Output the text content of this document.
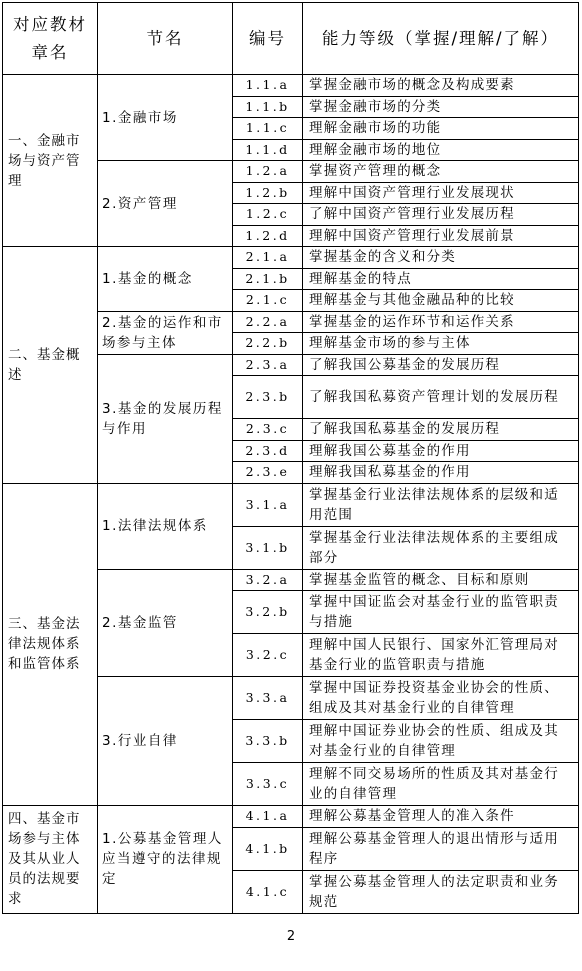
对应教材章名	节名	编号	能力等级（掌握/理解/了解）
一、金融市场与资产管理	1.金融市场	1.1.a	掌握金融市场的概念及构成要素
		1.1.b	掌握金融市场的分类
		1.1.c	理解金融市场的功能
		1.1.d	理解金融市场的地位
	2.资产管理	1.2.a	掌握资产管理的概念
		1.2.b	理解中国资产管理行业发展现状
		1.2.c	了解中国资产管理行业发展历程
		1.2.d	理解中国资产管理行业发展前景
二、基金概述	1.基金的概念	2.1.a	掌握基金的含义和分类
		2.1.b	理解基金的特点
		2.1.c	理解基金与其他金融品种的比较
	2.基金的运作和市场参与主体	2.2.a	掌握基金的运作环节和运作关系
		2.2.b	理解基金市场的参与主体
	3.基金的发展历程与作用	2.3.a	了解我国公募基金的发展历程
		2.3.b	了解我国私募资产管理计划的发展历程
		2.3.c	了解我国私募基金的发展历程
		2.3.d	理解我国公募基金的作用
		2.3.e	理解我国私募基金的作用
三、基金法律法规体系和监管体系	1.法律法规体系	3.1.a	掌握基金行业法律法规体系的层级和适用范围
		3.1.b	掌握基金行业法律法规体系的主要组成部分
	2.基金监管	3.2.a	掌握基金监管的概念、目标和原则
		3.2.b	掌握中国证监会对基金行业的监管职责与措施
		3.2.c	理解中国人民银行、国家外汇管理局对基金行业的监管职责与措施
	3.行业自律	3.3.a	掌握中国证券投资基金业协会的性质、组成及其对基金行业的自律管理
		3.3.b	理解中国证券业协会的性质、组成及其对基金行业的自律管理
		3.3.c	理解不同交易场所的性质及其对基金行业的自律管理
四、基金市场参与主体及其从业人员的法规要求	1.公募基金管理人应当遵守的法律规定	4.1.a	理解公募基金管理人的准入条件
		4.1.b	理解公募基金管理人的退出情形与适用程序
		4.1.c	掌握公募基金管理人的法定职责和业务规范
2
